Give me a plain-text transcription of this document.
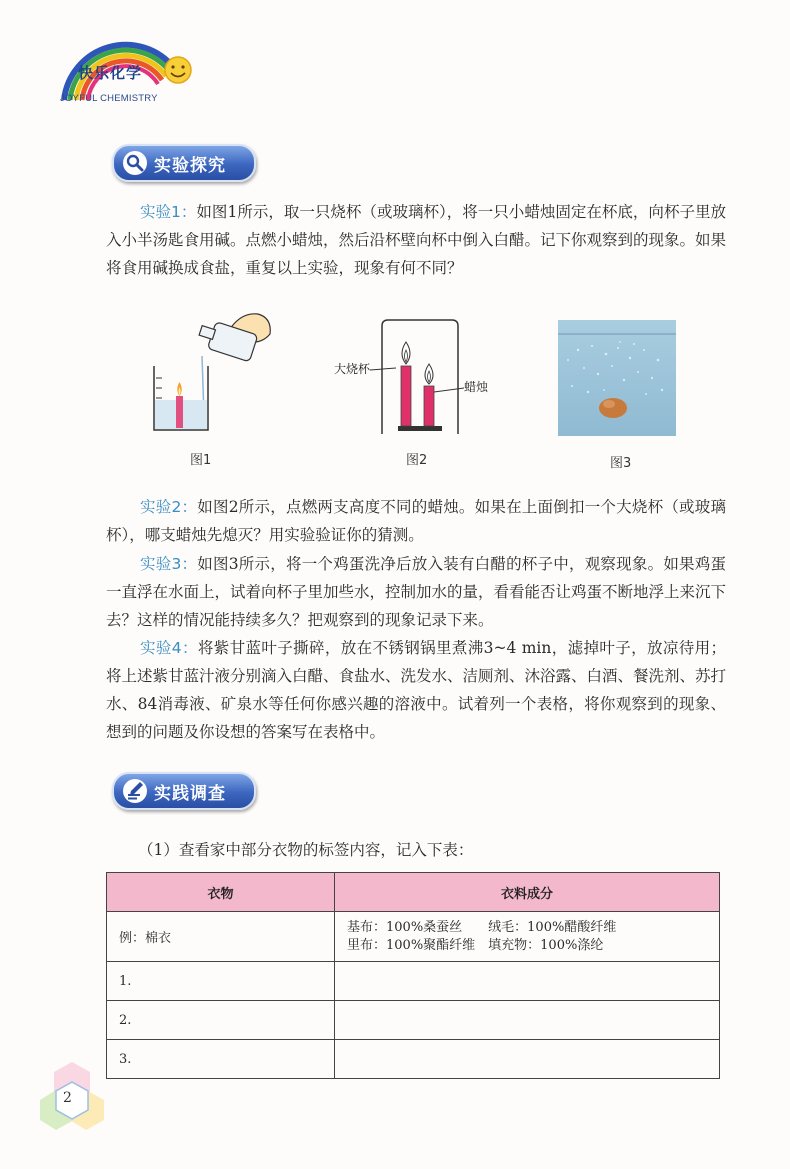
快乐化学
JOYFUL CHEMISTRY
实验探究
实验1：如图1所示，取一只烧杯（或玻璃杯），将一只小蜡烛固定在杯底，向杯子里放入小半汤匙食用碱。点燃小蜡烛，然后沿杯壁向杯中倒入白醋。记下你观察到的现象。如果将食用碱换成食盐，重复以上实验，现象有何不同？
图1
大烧杯
蜡烛
图2	图3
实验2：如图2所示，点燃两支高度不同的蜡烛。如果在上面倒扣一个大烧杯（或玻璃杯），哪支蜡烛先熄灭？用实验验证你的猜测。
实验3：如图3所示，将一个鸡蛋洗净后放入装有白醋的杯子中，观察现象。如果鸡蛋一直浮在水面上，试着向杯子里加些水，控制加水的量，看看能否让鸡蛋不断地浮上来沉下去？这样的情况能持续多久？把观察到的现象记录下来。
实验4：将紫甘蓝叶子撕碎，放在不锈钢锅里煮沸3~4 min，滤掉叶子，放凉待用；将上述紫甘蓝汁液分别滴入白醋、食盐水、洗发水、洁厕剂、沐浴露、白酒、餐洗剂、苏打水、84消毒液、矿泉水等任何你感兴趣的溶液中。试着列一个表格，将你观察到的现象、想到的问题及你设想的答案写在表格中。
实践调查
（1）查看家中部分衣物的标签内容，记入下表：
衣物	衣料成分
例：棉衣	基布：100%桑蚕丝　　绒毛：100%醋酸纤维
里布：100%聚酯纤维　填充物：100%涤纶

1.	
2.	
3.	
2
